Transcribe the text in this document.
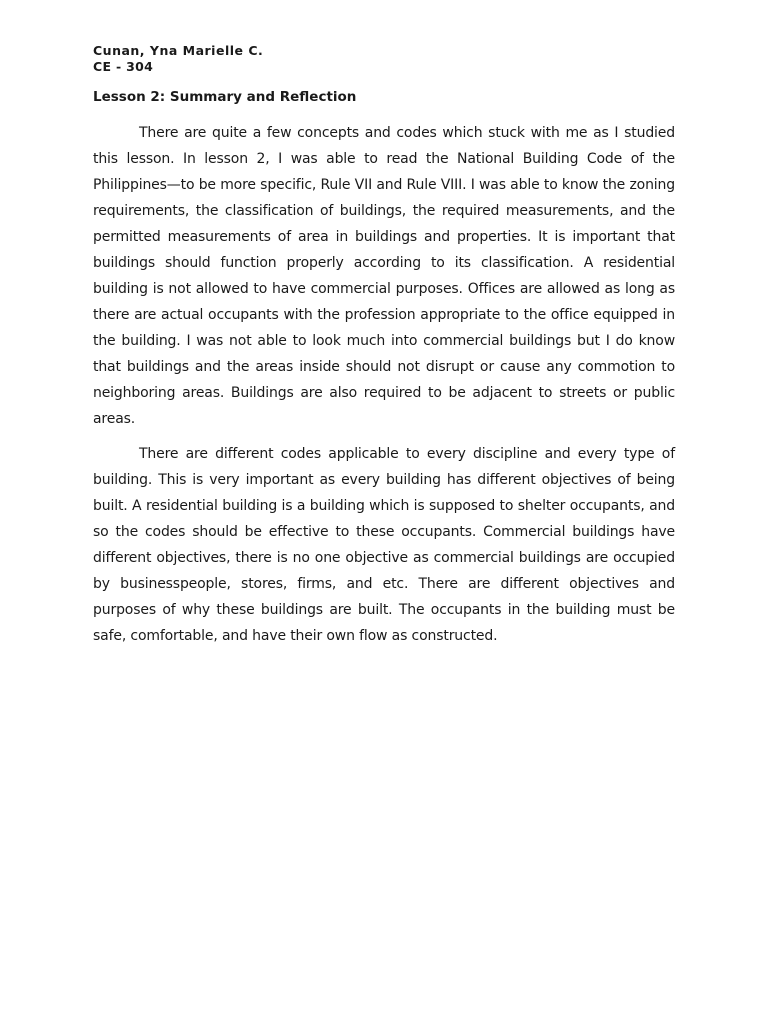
Cunan, Yna Marielle C.
CE - 304
Lesson 2: Summary and Reflection

There are quite a few concepts and codes which stuck with me as I studied this lesson. In lesson 2, I was able to read the National Building Code of the Philippines—to be more specific, Rule VII and Rule VIII. I was able to know the zoning requirements, the classification of buildings, the required measurements, and the permitted measurements of area in buildings and properties. It is important that buildings should function properly according to its classification. A residential building is not allowed to have commercial purposes. Offices are allowed as long as there are actual occupants with the profession appropriate to the office equipped in the building. I was not able to look much into commercial buildings but I do know that buildings and the areas inside should not disrupt or cause any commotion to neighboring areas. Buildings are also required to be adjacent to streets or public areas.

There are different codes applicable to every discipline and every type of building. This is very important as every building has different objectives of being built. A residential building is a building which is supposed to shelter occupants, and so the codes should be effective to these occupants. Commercial buildings have different objectives, there is no one objective as commercial buildings are occupied by businesspeople, stores, firms, and etc. There are different objectives and purposes of why these buildings are built. The occupants in the building must be safe, comfortable, and have their own flow as constructed.
